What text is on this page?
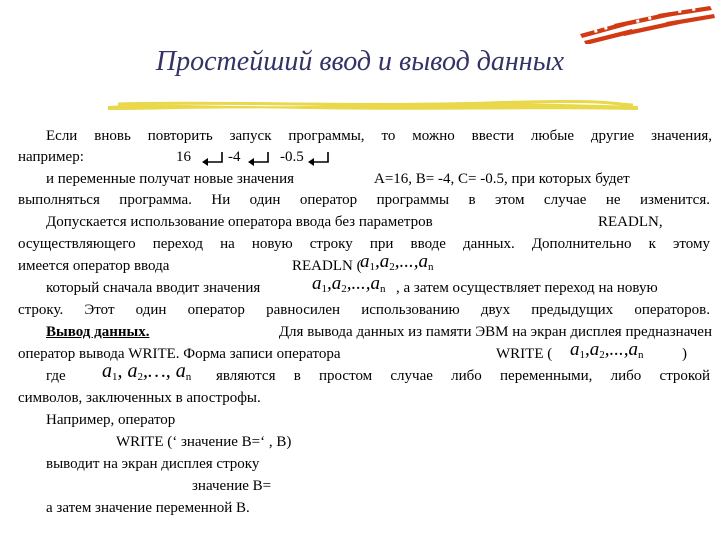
Простейший ввод и вывод данных
Если вновь повторить запуск программы, то можно ввести любые другие значения,
например:	16 -4	-0.5
и переменные получат новые значения	A=16, B= -4, C= -0.5, при которых будет
выполняться программа. Ни один оператор программы в этом случае не изменится.
Допускается использование оператора ввода без параметров	READLN,
осуществляющего переход на новую строку при вводе данных. Дополнительно к этому
имеется оператор ввода	READLN (
$a_1,a_2,...,a_n$
который сначала вводит значения	$a_1,a_2,...,a_n$ , а затем осуществляет переход на новую
строку. Этот один оператор равносилен использованию двух предыдущих операторов.
Вывод данных.	Для вывода данных из памяти ЭВМ на экран дисплея предназначен
оператор вывода WRITE. Форма записи оператора	WRITE ( $a_1,a_2,...,a_n$	)
где $a_1$, $a_2,\dots$, $a_n$ являются в простом случае либо переменными, либо строкой
символов, заключенных в апострофы.
Например, оператор
WRITE (‘ значение B=‘ , B)
выводит на экран дисплея строку
значение B=
а затем значение переменной B.
